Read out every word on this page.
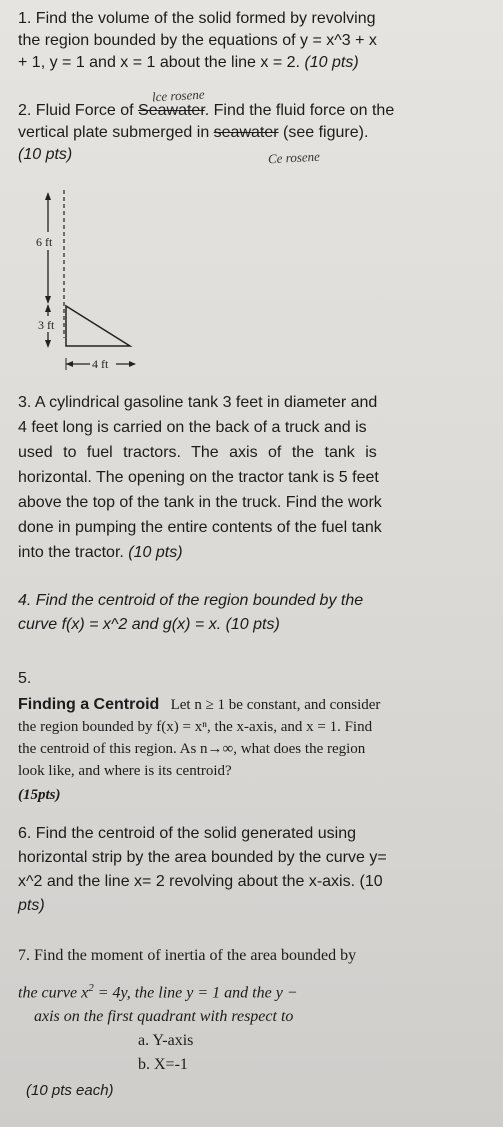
1. Find the volume of the solid formed by revolving
the region bounded by the equations of y = x^3 + x
+ 1, y = 1 and x = 1 about the line x = 2. (10 pts)
lce rosene
Ce rosene
2. Fluid Force of Seawater. Find the fluid force on the
vertical plate submerged in seawater (see figure).
(10 pts)
6 ft
3 ft
4 ft
3. A cylindrical gasoline tank 3 feet in diameter and
4 feet long is carried on the back of a truck and is
used to fuel tractors. The axis of the tank is
horizontal. The opening on the tractor tank is 5 feet
above the top of the tank in the truck. Find the work
done in pumping the entire contents of the fuel tank
into the tractor. (10 pts)
4. Find the centroid of the region bounded by the
curve f(x) = x^2 and g(x) = x. (10 pts)
5.
Finding a Centroid Let n ≥ 1 be constant, and consider
the region bounded by f(x) = xⁿ, the x-axis, and x = 1. Find
the centroid of this region. As n→∞, what does the region
look like, and where is its centroid?
(15pts)
6. Find the centroid of the solid generated using
horizontal strip by the area bounded by the curve y=
x^2 and the line x= 2 revolving about the x-axis. (10
pts)
7. Find the moment of inertia of the area bounded by
the curve $x^2 = 4y$, the line y = 1 and the y −
axis on the first quadrant with respect to
a. Y-axis
b. X=-1
(10 pts each)
